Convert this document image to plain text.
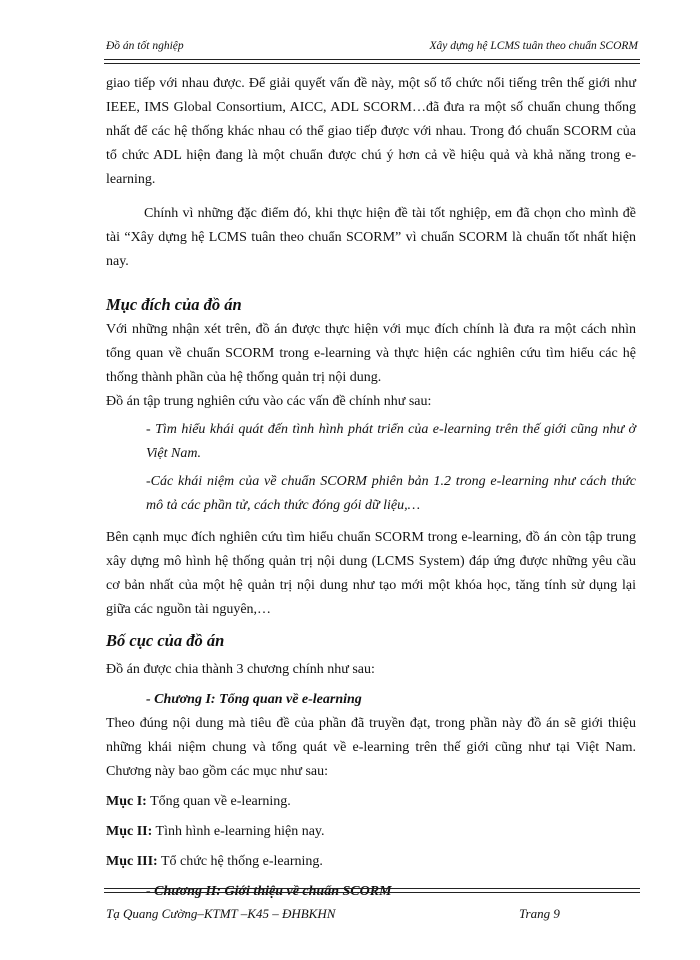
Đồ án tốt nghiệp	Xây dựng hệ LCMS tuân theo chuẩn SCORM

giao tiếp với nhau được. Để giải quyết vấn đề này, một số tổ chức nổi tiếng trên thế giới như IEEE, IMS Global Consortium, AICC, ADL SCORM…đã đưa ra một số chuẩn chung thống nhất để các hệ thống khác nhau có thể giao tiếp được với nhau. Trong đó chuẩn SCORM của tổ chức ADL hiện đang là một chuẩn được chú ý hơn cả về hiệu quả và khả năng trong e-learning.

Chính vì những đặc điểm đó, khi thực hiện đề tài tốt nghiệp, em đã chọn cho mình đề tài “Xây dựng hệ LCMS tuân theo chuẩn SCORM” vì chuẩn SCORM là chuẩn tốt nhất hiện nay.

Mục đích của đồ án

Với những nhận xét trên, đồ án được thực hiện với mục đích chính là đưa ra một cách nhìn tổng quan về chuẩn SCORM trong e-learning và thực hiện các nghiên cứu tìm hiểu các hệ thống thành phần của hệ thống quản trị nội dung.

Đồ án tập trung nghiên cứu vào các vấn đề chính như sau:

- Tìm hiểu khái quát đến tình hình phát triển của e-learning trên thế giới cũng như ở Việt Nam.

-Các khái niệm của về chuẩn SCORM phiên bản 1.2 trong e-learning như cách thức mô tả các phần tử, cách thức đóng gói dữ liệu,…

Bên cạnh mục đích nghiên cứu tìm hiểu chuẩn SCORM trong e-learning, đồ án còn tập trung xây dựng mô hình hệ thống quản trị nội dung (LCMS System) đáp ứng được những yêu cầu cơ bản nhất của một hệ quản trị nội dung như tạo mới một khóa học, tăng tính sử dụng lại giữa các nguồn tài nguyên,…

Bố cục của đồ án

Đồ án được chia thành 3 chương chính như sau:

- Chương I: Tổng quan về e-learning

Theo đúng nội dung mà tiêu đề của phần đã truyền đạt, trong phần này đồ án sẽ giới thiệu những khái niệm chung và tổng quát về e-learning trên thế giới cũng như tại Việt Nam. Chương này bao gồm các mục như sau:

Mục I: Tổng quan về e-learning.

Mục II: Tình hình e-learning hiện nay.

Mục III: Tổ chức hệ thống e-learning.

- Chương II: Giới thiệu về chuẩn SCORM

Tạ Quang Cường–KTMT –K45 – ĐHBKHN	Trang 9
